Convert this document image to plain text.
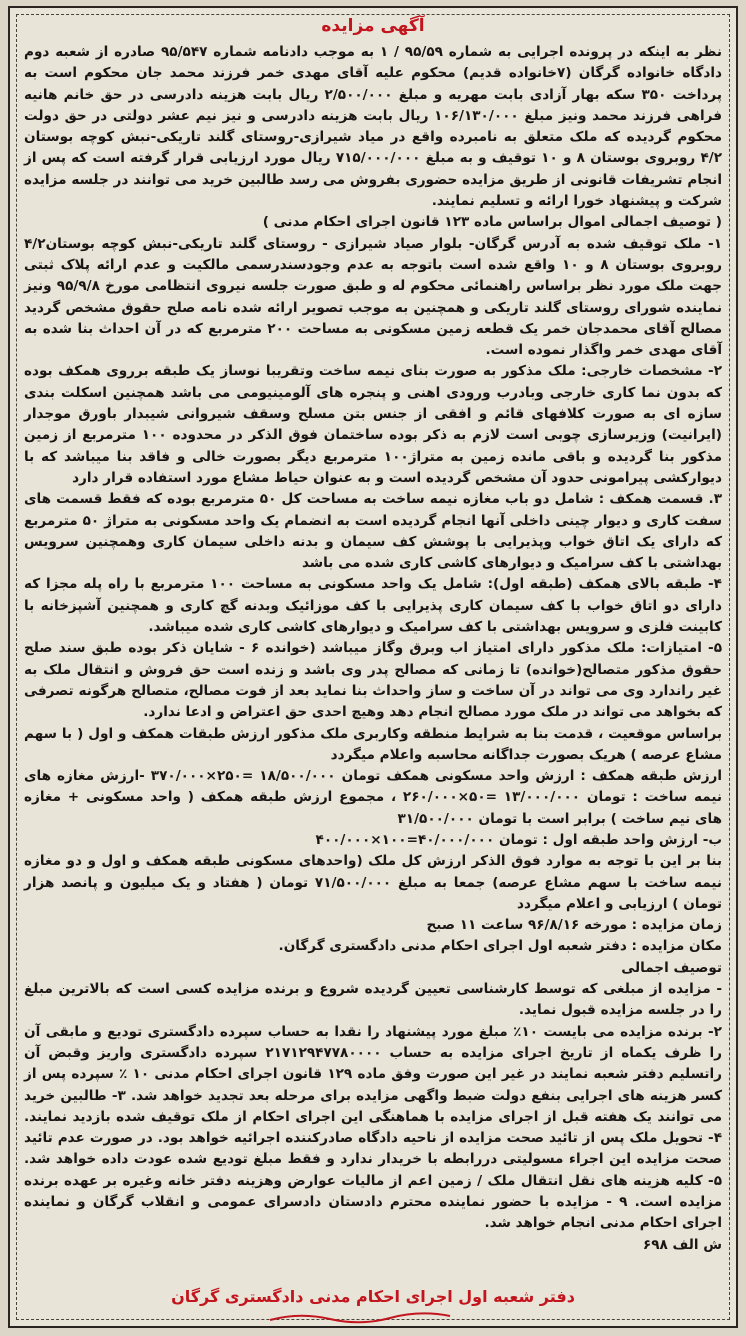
آگهی مزایده

نظر به اینکه در پرونده اجرایی به شماره ۹۵/۵۹ / ۱ به موجب دادنامه شماره ۹۵/۵۴۷ صادره از شعبه دوم دادگاه خانواده گرگان (۷خانواده قدیم) محکوم علیه آقای مهدی خمر فرزند محمد جان محکوم است به پرداخت ۳۵۰ سکه بهار آزادی بابت مهریه و مبلغ ۲/۵۰۰/۰۰۰ ریال بابت هزینه دادرسی در حق خانم هانیه فراهی فرزند محمد ونیز مبلغ ۱۰۶/۱۳۰/۰۰۰ ریال بابت هزینه دادرسی و نیز نیم عشر دولتی در حق دولت محکوم گردیده که ملک متعلق به نامبرده واقع در میاد شیرازی-روستای گلند تاریکی-نبش کوچه بوستان ۴/۲ روبروی بوستان ۸ و ۱۰ توقیف و به مبلغ ۷۱۵/۰۰۰/۰۰۰ ریال مورد ارزیابی قرار گرفته است که پس از انجام تشریفات قانونی از طریق مزایده حضوری بفروش می رسد طالبین خرید می توانند در جلسه مزایده شرکت و پیشنهاد خورا ارائه و تسلیم نمایند.
( توصیف اجمالی اموال براساس ماده ۱۲۳ قانون اجرای احکام مدنی )
۱- ملک توقیف شده به آدرس گرگان- بلوار صیاد شیرازی - روستای گلند تاریکی-نبش کوچه بوستان۴/۲ روبروی بوستان ۸ و ۱۰ واقع شده است باتوجه به عدم وجودسندرسمی مالکیت و عدم ارائه پلاک ثبتی جهت ملک مورد نظر براساس راهنمائی محکوم له و طبق صورت جلسه نیروی انتظامی مورخ ۹۵/۹/۸ ونیز نماینده شورای روستای گلند تاریکی و همچنین به موجب تصویر ارائه شده نامه صلح حقوق مشخص گردید مصالح آقای محمدجان خمر یک قطعه زمین مسکونی به مساحت ۲۰۰ مترمربع که در آن احداث بنا شده به آقای مهدی خمر واگذار نموده است.
۲- مشخصات خارجی: ملک مذکور به صورت بنای نیمه ساخت وتقریبا نوساز یک طبقه برروی همکف بوده که بدون نما کاری خارجی وبادرب ورودی اهنی و پنجره های آلومینیومی می باشد همچنین اسکلت بندی سازه ای به صورت کلافهای قائم و افقی از جنس بتن مسلح وسقف شیروانی شیبدار باورق موجدار (ایرانیت) وزیرسازی چوبی است لازم به ذکر بوده ساختمان فوق الذکر در محدوده ۱۰۰ مترمربع از زمین مذکور بنا گردیده و باقی مانده زمین به متراژ۱۰۰ مترمربع دیگر بصورت خالی و فاقد بنا میباشد که با دیوارکشی پیرامونی حدود آن مشخص گردیده است و به عنوان حیاط مشاع مورد استفاده قرار دارد
۳. قسمت همکف : شامل دو باب مغازه نیمه ساخت به مساحت کل ۵۰ مترمربع بوده که فقط قسمت های سفت کاری و دیوار چینی داخلی آنها انجام گردیده است به انضمام یک واحد مسکونی به متراژ ۵۰ مترمربع که دارای یک اتاق خواب وپذیرایی با پوشش کف سیمان و بدنه داخلی سیمان کاری وهمچنین سرویس بهداشتی با کف سرامیک و دیوارهای کاشی کاری شده می باشد
۴- طبقه بالای همکف (طبقه اول): شامل یک واحد مسکونی به مساحت ۱۰۰ مترمربع با راه پله مجزا که دارای دو اتاق خواب با کف سیمان کاری پذیرایی با کف موزائیک وبدنه گچ کاری و همچنین آشپزخانه با کابینت فلزی و سرویس بهداشتی با کف سرامیک و دیوارهای کاشی کاری شده میباشد.
۵- امتیازات: ملک مذکور دارای امتیاز اب وبرق وگاز میباشد (خوانده ۶ - شایان ذکر بوده طبق سند صلح حقوق مذکور متصالح(خوانده) تا زمانی که مصالح پدر وی باشد و زنده است حق فروش و انتقال ملک به غیر راندارد وی می تواند در آن ساخت و ساز واحداث بنا نماید بعد از فوت مصالح، متصالح هرگونه تصرفی که بخواهد می تواند در ملک مورد مصالح انجام دهد وهیچ احدی حق اعتراض و ادعا ندارد.
براساس موقعیت ، قدمت بنا به شرایط منطقه وکاربری ملک مذکور ارزش طبقات همکف و اول ( با سهم مشاع عرصه ) هریک بصورت جداگانه محاسبه واعلام میگردد
ارزش طبقه همکف : ارزش واحد مسکونی همکف تومان ۱۸/۵۰۰/۰۰۰ =۲۵۰×۳۷۰/۰۰۰ -ارزش مغازه های نیمه ساخت : تومان ۱۳/۰۰۰/۰۰۰ =۵۰×۲۶۰/۰۰۰ ، مجموع ارزش طبقه همکف ( واحد مسکونی + مغازه های نیم ساخت ) برابر است با تومان ۳۱/۵۰۰/۰۰۰
ب- ارزش واحد طبقه اول : تومان ۴۰/۰۰۰/۰۰۰=۱۰۰×۴۰۰/۰۰۰
بنا بر این با توجه به موارد فوق الذکر ارزش کل ملک (واحدهای مسکونی طبقه همکف و اول و دو مغازه نیمه ساخت با سهم مشاع عرصه) جمعا به مبلغ ۷۱/۵۰۰/۰۰۰ تومان ( هفتاد و یک میلیون و پانصد هزار تومان ) ارزیابی و اعلام میگردد
زمان مزایده : مورخه ۹۶/۸/۱۶ ساعت ۱۱ صبح
مکان مزایده : دفتر شعبه اول اجرای احکام مدنی دادگستری گرگان.
توصیف اجمالی
- مزایده از مبلغی که توسط کارشناسی تعیین گردیده شروع و برنده مزایده کسی است که بالاترین مبلغ را در جلسه مزایده قبول نماید.
۲- برنده مزایده می بایست ۱۰٪ مبلغ مورد پیشنهاد را نقدا به حساب سپرده دادگستری تودیع و مابقی آن را ظرف یکماه از تاریخ اجرای مزایده به حساب ۲۱۷۱۲۹۴۷۷۸۰۰۰۰ سپرده دادگستری واریز وقبض آن راتسلیم دفتر شعبه نمایند در غیر این صورت وفق ماده ۱۲۹ قانون اجرای احکام مدنی ۱۰ ٪ سپرده پس از کسر هزینه های اجرایی بنفع دولت ضبط واگهی مزایده برای مرحله بعد تجدید خواهد شد. ۳- طالبین خرید می توانند یک هفته قبل از اجرای مزایده با هماهنگی این اجرای احکام از ملک توقیف شده بازدید نمایند. ۴- تحویل ملک پس از تائید صحت مزایده از ناحیه دادگاه صادرکننده اجرائیه خواهد بود. در صورت عدم تائید صحت مزایده این اجراء مسولیتی دررابطه با خریدار ندارد و فقط مبلغ تودیع شده عودت داده خواهد شد. ۵- کلیه هزینه های نقل انتقال ملک / زمین اعم از مالیات عوارض وهزینه دفتر خانه وغیره بر عهده برنده مزایده است. ۹ - مزایده با حضور نماینده محترم دادستان دادسرای عمومی و انقلاب گرگان و نماینده اجرای احکام مدنی انجام خواهد شد.
ش الف ۶۹۸

دفتر شعبه اول اجرای احکام مدنی دادگستری گرگان
